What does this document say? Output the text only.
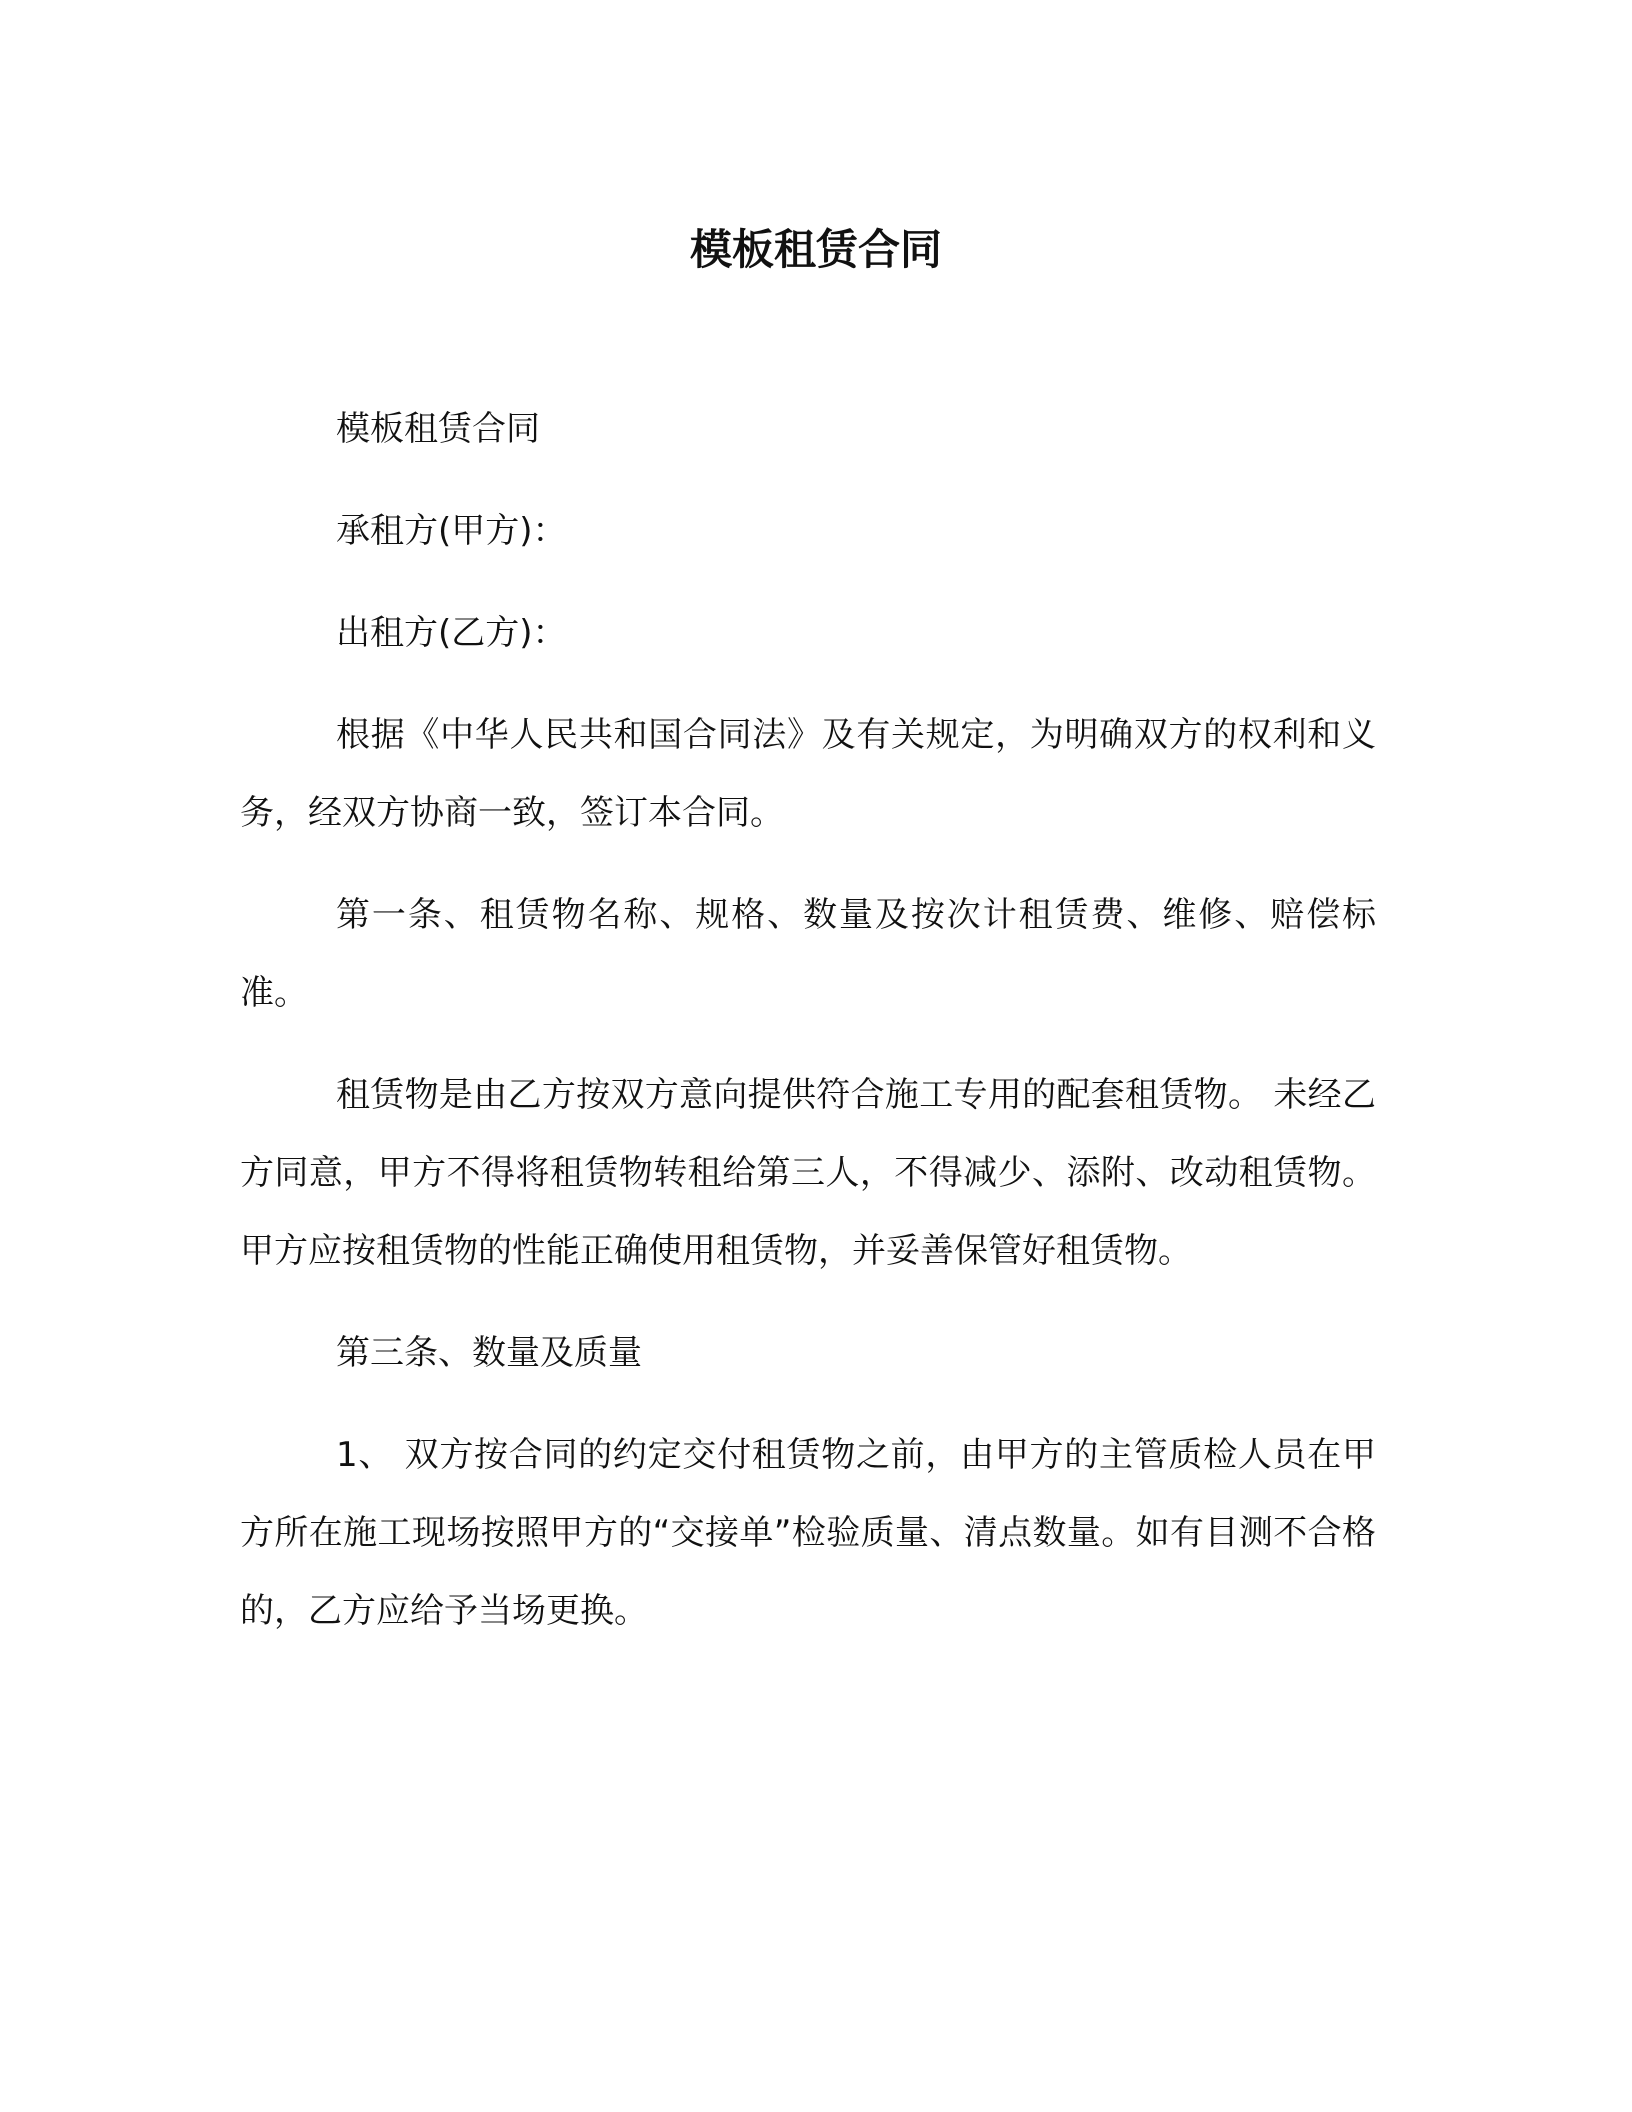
模板租赁合同

模板租赁合同

承租方(甲方)：

出租方(乙方)：

根据《中华人民共和国合同法》及有关规定，为明确双方的权利和义务，经双方协商一致，签订本合同。

第一条、租赁物名称、规格、数量及按次计租赁费、维修、赔偿标准。

租赁物是由乙方按双方意向提供符合施工专用的配套租赁物。 未经乙方同意，甲方不得将租赁物转租给第三人，不得减少、添附、改动租赁物。 甲方应按租赁物的性能正确使用租赁物，并妥善保管好租赁物。

第三条、数量及质量

1、 双方按合同的约定交付租赁物之前，由甲方的主管质检人员在甲方所在施工现场按照甲方的“交接单”检验质量、清点数量。如有目测不合格的，乙方应给予当场更换。
